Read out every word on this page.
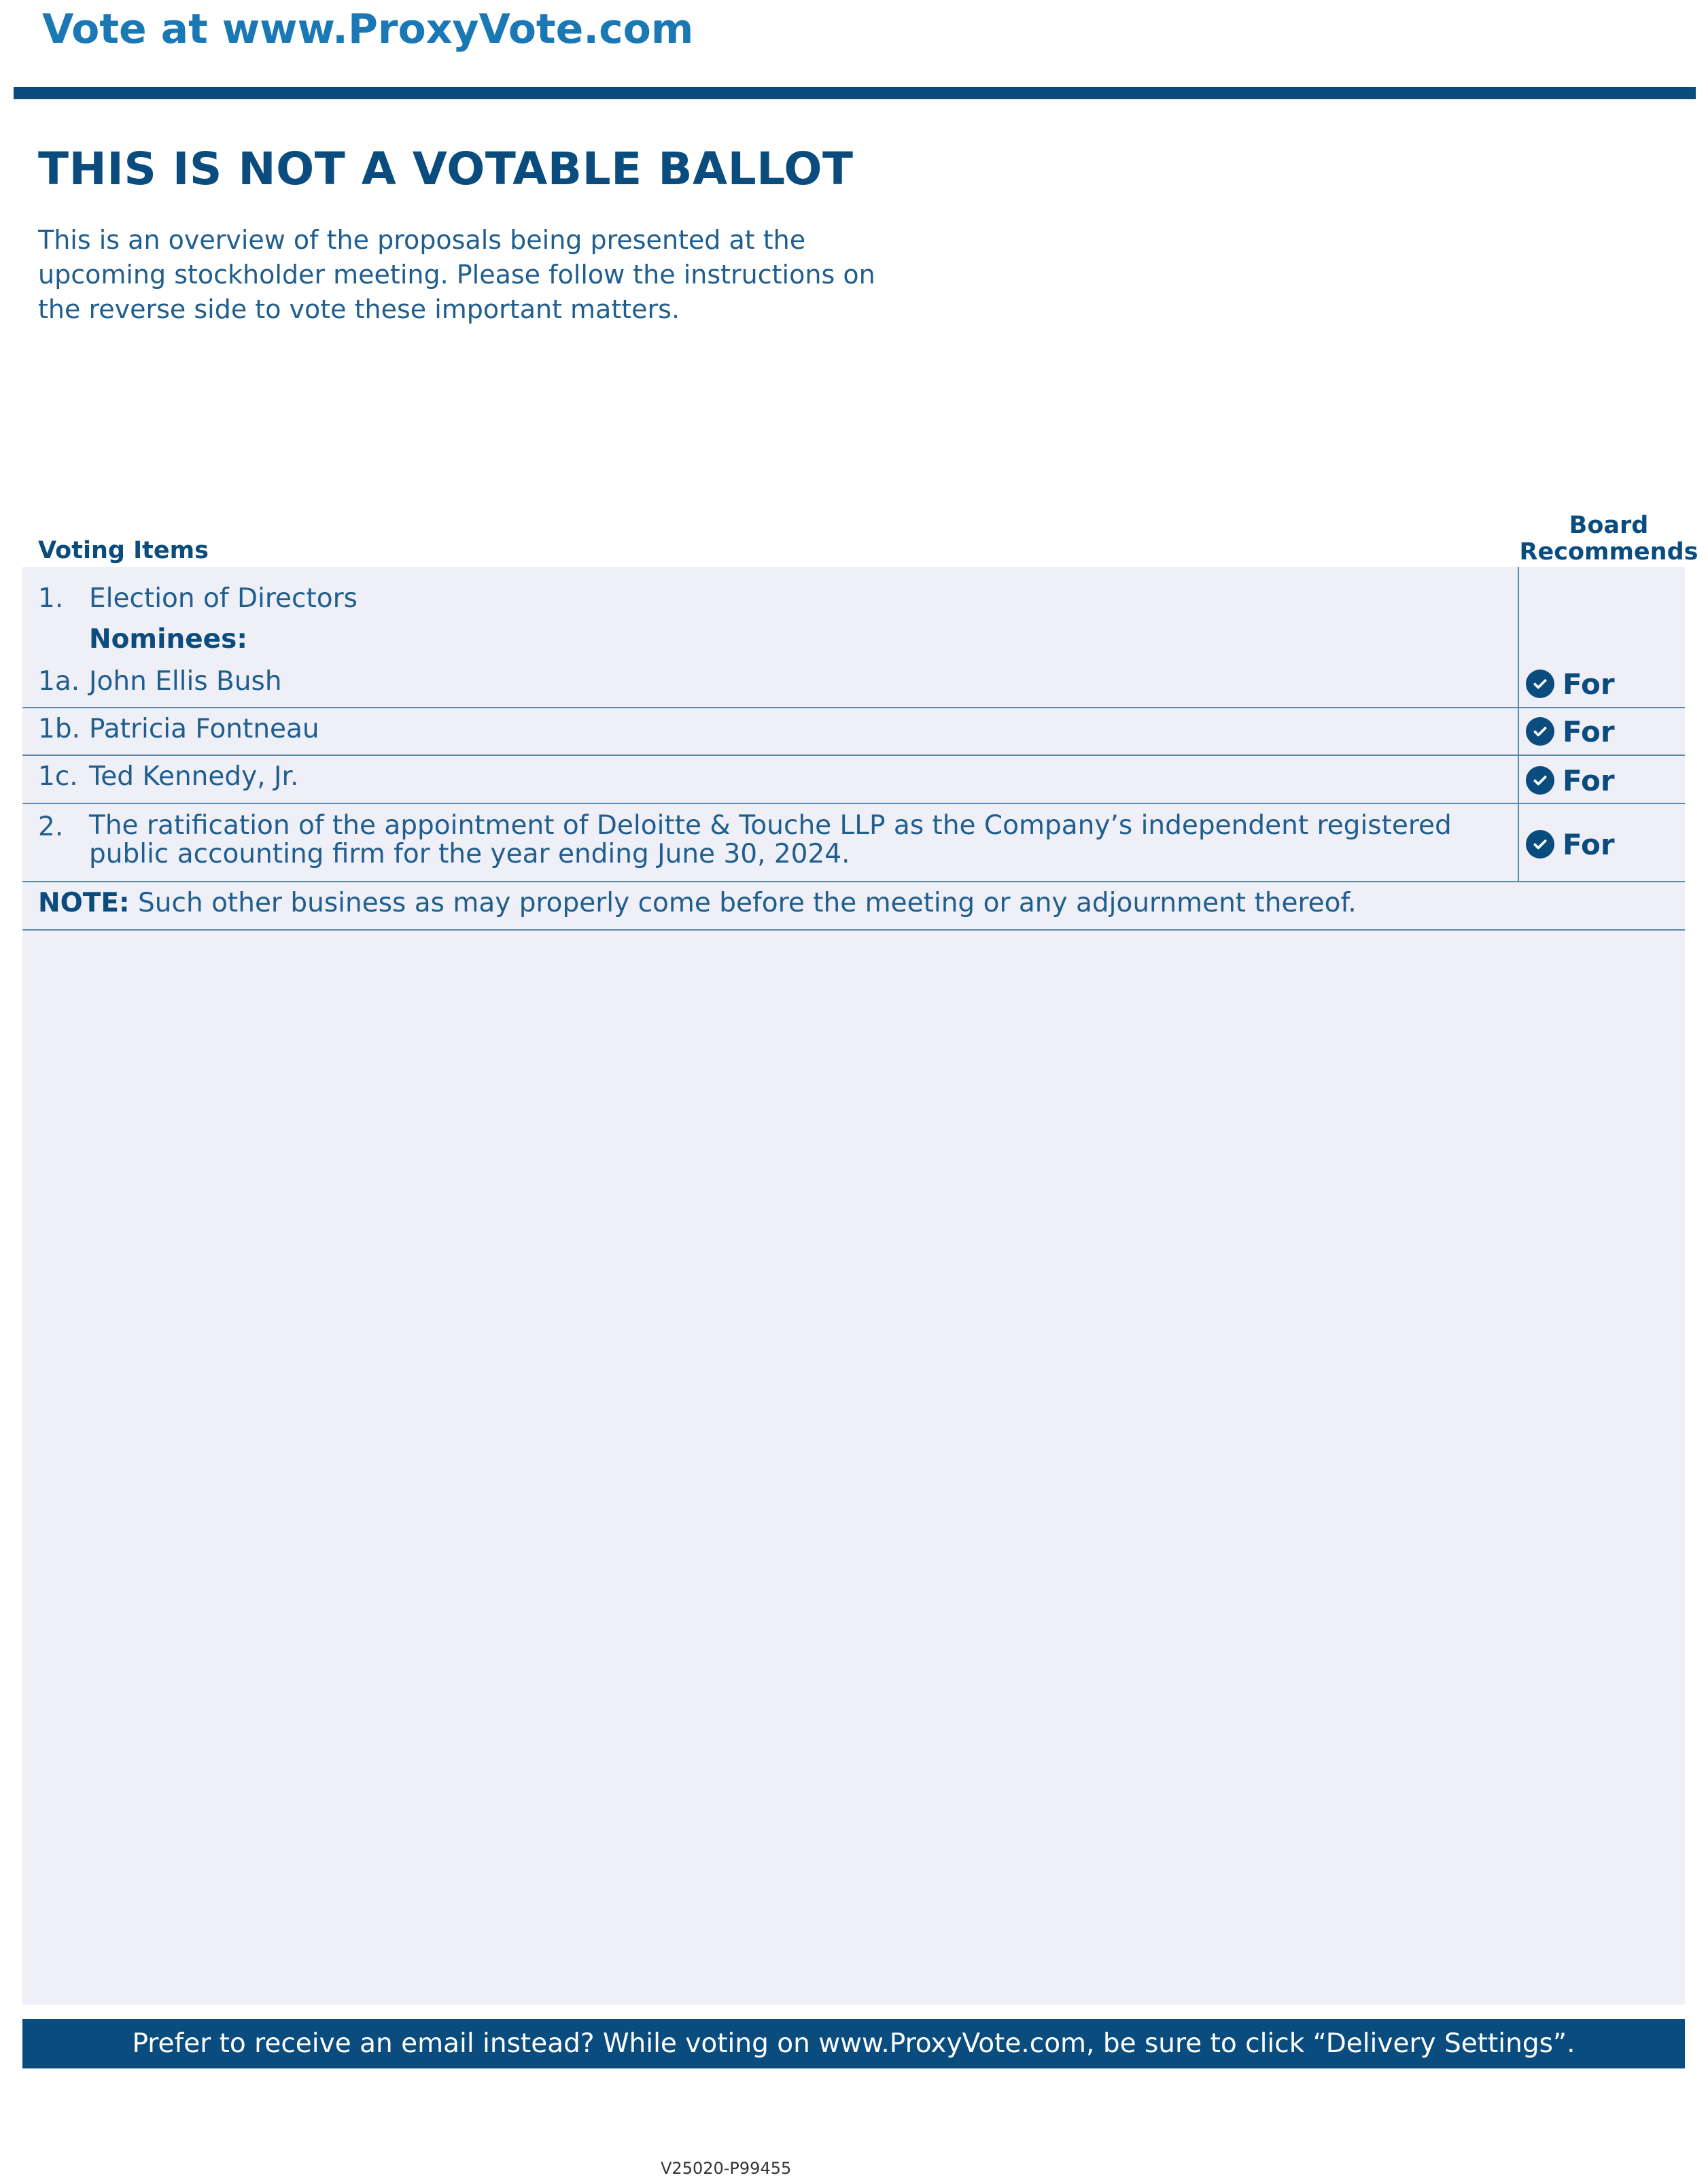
Vote at www.ProxyVote.com
THIS IS NOT A VOTABLE BALLOT
This is an overview of the proposals being presented at the upcoming stockholder meeting. Please follow the instructions on the reverse side to vote these important matters.
Voting Items
Board
Recommends
1. Election of Directors
Nominees:
1a. John Ellis Bush	For
1b. Patricia Fontneau	For
1c. Ted Kennedy, Jr.	For
2. The ratification of the appointment of Deloitte & Touche LLP as the Company’s independent registered public accounting firm for the year ending June 30, 2024.	For
NOTE: Such other business as may properly come before the meeting or any adjournment thereof.
Prefer to receive an email instead? While voting on www.ProxyVote.com, be sure to click “Delivery Settings”.
V25020-P99455
